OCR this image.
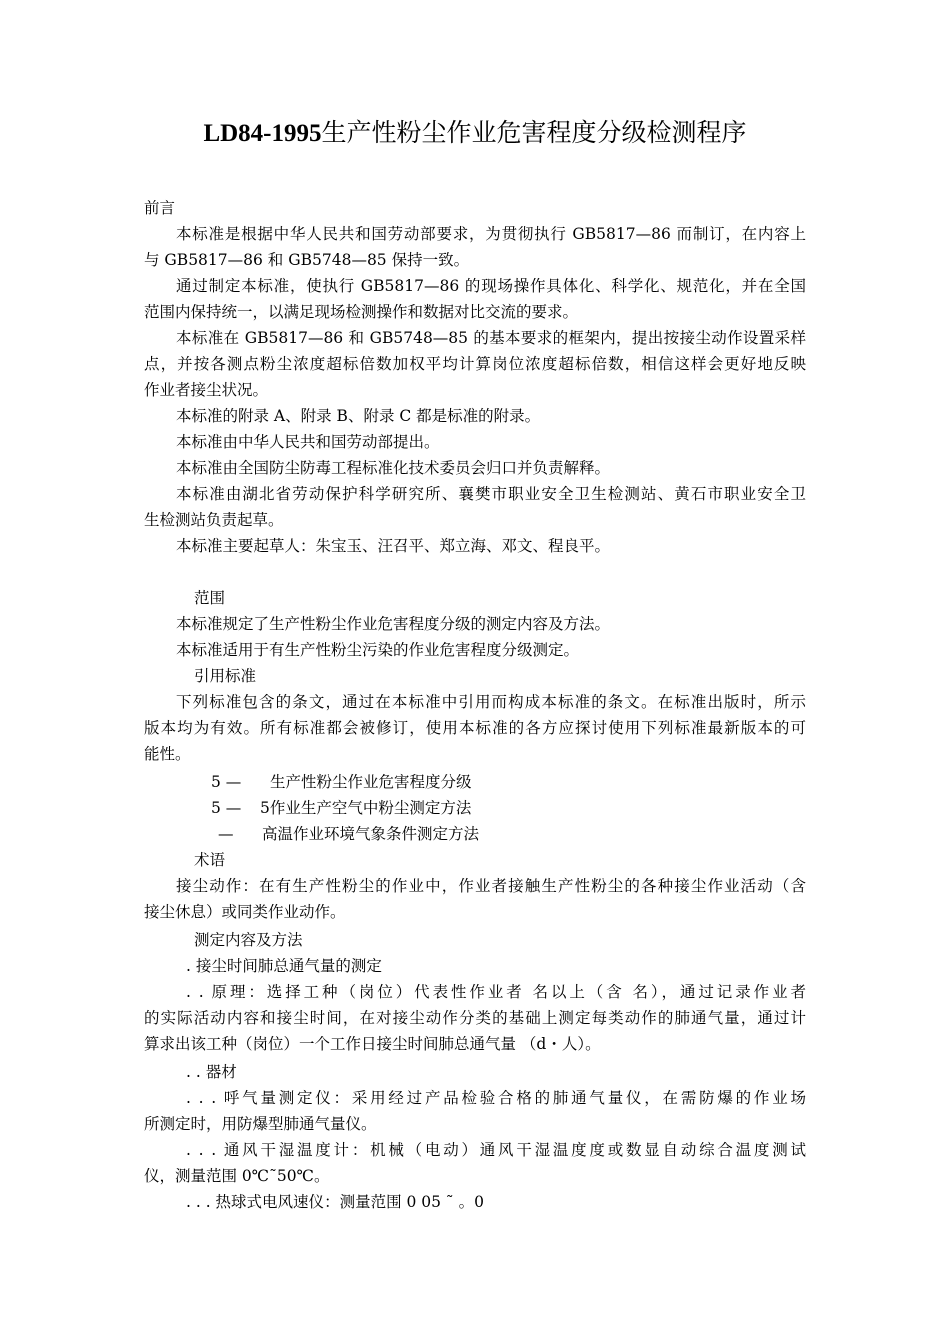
LD84-1995生产性粉尘作业危害程度分级检测程序
前言
本标准是根据中华人民共和国劳动部要求，为贯彻执行 GB5817—86 而制订，在内容上
与 GB5817—86 和 GB5748—85 保持一致。
通过制定本标准，使执行 GB5817—86 的现场操作具体化、科学化、规范化，并在全国
范围内保持统一，以满足现场检测操作和数据对比交流的要求。
本标准在 GB5817—86 和 GB5748—85 的基本要求的框架内，提出按接尘动作设置采样
点，并按各测点粉尘浓度超标倍数加权平均计算岗位浓度超标倍数，相信这样会更好地反映
作业者接尘状况。
本标准的附录 A、附录 B、附录 C 都是标准的附录。
本标准由中华人民共和国劳动部提出。
本标准由全国防尘防毒工程标准化技术委员会归口并负责解释。
本标准由湖北省劳动保护科学研究所、襄樊市职业安全卫生检测站、黄石市职业安全卫
生检测站负责起草。
本标准主要起草人：朱宝玉、汪召平、郑立海、邓文、程良平。
范围
本标准规定了生产性粉尘作业危害程度分级的测定内容及方法。
本标准适用于有生产性粉尘污染的作业危害程度分级测定。
引用标准
下列标准包含的条文，通过在本标准中引用而构成本标准的条文。在标准出版时，所示
版本均为有效。所有标准都会被修订，使用本标准的各方应探讨使用下列标准最新版本的可
能性。
5 — 生产性粉尘作业危害程度分级
5 — 5作业生产空气中粉尘测定方法
— 高温作业环境气象条件测定方法
术语
接尘动作：在有生产性粉尘的作业中，作业者接触生产性粉尘的各种接尘作业活动（含
接尘休息）或同类作业动作。
测定内容及方法
. 接尘时间肺总通气量的测定
. . 原理：选择工种（岗位）代表性作业者 名以上（含 名），通过记录作业者
的实际活动内容和接尘时间，在对接尘动作分类的基础上测定每类动作的肺通气量，通过计
算求出该工种（岗位）一个工作日接尘时间肺总通气量 （d・人）。
. . 器材
. . . 呼气量测定仪：采用经过产品检验合格的肺通气量仪，在需防爆的作业场
所测定时，用防爆型肺通气量仪。
. . . 通风干湿温度计：机械（电动）通风干湿温度度或数显自动综合温度测试
仪，测量范围 0℃˜50℃。
. . . 热球式电风速仪：测量范围 0 05 ˜ 。0
